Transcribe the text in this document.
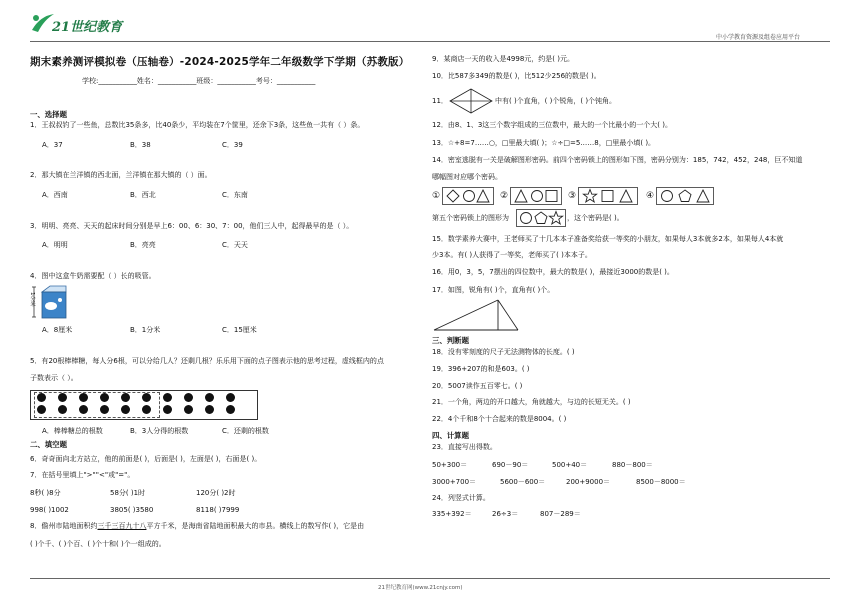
21世纪教育
中小学教育资源及组卷应用平台
期末素养测评模拟卷（压轴卷）-2024-2025学年二年级数学下学期（苏教版）
学校:___________姓名：___________班级：___________考号：___________
一、选择题
1．王叔叔钓了一些鱼，总数比35条多，比40条少，平均装在7个筐里，还余下3条，这些鱼一共有（ ）条。
A．37	B．38	C．39
2．那大镇在兰洋镇的西北面，兰洋镇在那大镇的（ ）面。
A．西南	B．西北	C．东南
3．明明、亮亮、天天的起床时间分别是早上6：00、6：30、7：00，他们三人中，起得最早的是（ ）。
A．明明	B．亮亮	C．天天
4．图中这盒牛奶需要配（ ）长的吸管。
1分米
A．8厘米	B．1分米	C．15厘米
5．有20根棒棒糖，每人分6根，可以分给几人？还剩几根？乐乐用下面的点子图表示他的思考过程，虚线框内的点
子数表示（ ）。
A．棒棒糖总的根数	B．3人分得的根数	C．还剩的根数
二、填空题
6．奇奇面向北方站立，他的前面是( )，后面是( )，左面是( )，右面是( )。
7．在括号里填上">""<"或"="。
8秒( )8分	58分( )1时	120分( )2时
998( )1002	3805( )3580	8118( )7999
8．儋州市陆地面积约三千三百九十八平方千米，是海南省陆地面积最大的市县。横线上的数写作( )，它是由
( )个千、( )个百、( )个十和( )个一组成的。
9．某商店一天的收入是4998元，约是( )元。
10．比587多349的数是( )，比512少256的数是( )。
11．	中有( )个直角，( )个锐角，( )个钝角。
12．由8、1、3这三个数字组成的三位数中，最大的一个比最小的一个大( )。
13．☆+8=7……○，□里最大填( )；☆÷□=5……8，□里最小填( )。
14．密室逃脱有一关是破解图形密码。前四个密码锁上的图形如下图，密码分别为：185，742，452，248，巨不知道
哪幅图对应哪个密码。
①	②	③	④
第五个密码锁上的图形为	，这个密码是( )。
15．数学素养大赛中，王老师买了十几本本子准备奖给获一等奖的小朋友，如果每人3本就多2本，如果每人4本就
少3本。有( )人获得了一等奖，老师买了( )本本子。
16．用0，3，5，7摆出的四位数中，最大的数是( )，最接近3000的数是( )。
17．如图，锐角有( )个，直角有( )个。
三、判断题
18．没有零刻度的尺子无法测物体的长度。( )
19．396+207的和是603。( )
20．5007读作五百零七。( )
21．一个角，两边的开口越大，角就越大，与边的长短无关。( )
22．4个千和8个十合起来的数是8004。( )
四、计算题
23．直接写出得数。
50+300＝	690－90＝	500+40＝	880－800＝
3000+700＝	5600－600＝	200+9000＝	8500－8000＝
24．列竖式计算。
335+392＝	26÷3＝	807－289＝
21世纪教育网(www.21cnjy.com)
